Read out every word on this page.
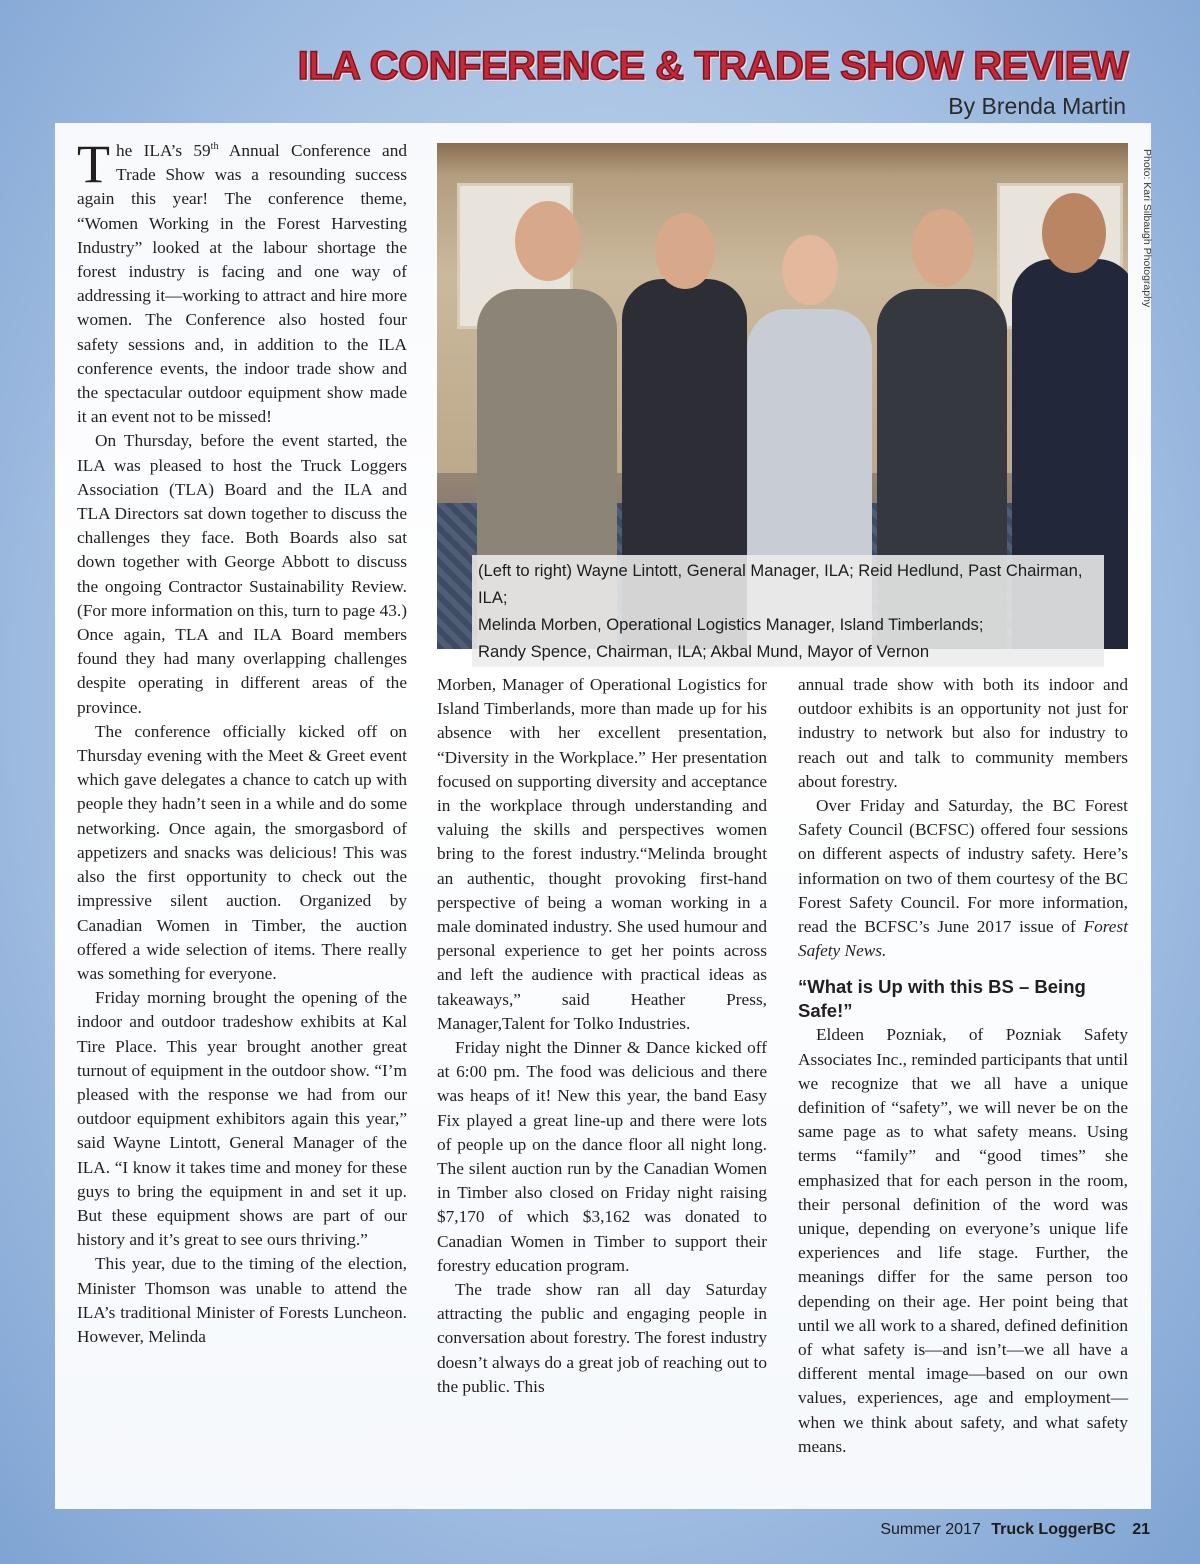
ILA CONFERENCE & TRADE SHOW REVIEW
By Brenda Martin

The ILA’s 59th Annual Conference and Trade Show was a resounding success again this year! The conference theme, “Women Working in the Forest Harvesting Industry” looked at the labour shortage the forest industry is facing and one way of addressing it—working to attract and hire more women. The Conference also hosted four safety sessions and, in addition to the ILA conference events, the indoor trade show and the spectacular outdoor equipment show made it an event not to be missed!

On Thursday, before the event started, the ILA was pleased to host the Truck Loggers Association (TLA) Board and the ILA and TLA Directors sat down together to discuss the challenges they face. Both Boards also sat down together with George Abbott to discuss the ongoing Contractor Sustainability Review. (For more information on this, turn to page 43.) Once again, TLA and ILA Board members found they had many overlapping challenges despite operating in different areas of the province.

The conference officially kicked off on Thursday evening with the Meet & Greet event which gave delegates a chance to catch up with people they hadn’t seen in a while and do some networking. Once again, the smorgasbord of appetizers and snacks was delicious! This was also the first opportunity to check out the impressive silent auction. Organized by Canadian Women in Timber, the auction offered a wide selection of items. There really was something for everyone.

Friday morning brought the opening of the indoor and outdoor tradeshow exhibits at Kal Tire Place. This year brought another great turnout of equipment in the outdoor show. “I’m pleased with the response we had from our outdoor equipment exhibitors again this year,” said Wayne Lintott, General Manager of the ILA. “I know it takes time and money for these guys to bring the equipment in and set it up. But these equipment shows are part of our history and it’s great to see ours thriving.”

This year, due to the timing of the election, Minister Thomson was unable to attend the ILA’s traditional Minister of Forests Luncheon. However, Melinda

(Left to right) Wayne Lintott, General Manager, ILA; Reid Hedlund, Past Chairman, ILA;
Melinda Morben, Operational Logistics Manager, Island Timberlands;
Randy Spence, Chairman, ILA; Akbal Mund, Mayor of Vernon
Photo: Kari Silbaugh Photography

Morben, Manager of Operational Logistics for Island Timberlands, more than made up for his absence with her excellent presentation, “Diversity in the Workplace.” Her presentation focused on supporting diversity and acceptance in the workplace through understanding and valuing the skills and perspectives women bring to the forest industry.“Melinda brought an authentic, thought provoking first-hand perspective of being a woman working in a male dominated industry. She used humour and personal experience to get her points across and left the audience with practical ideas as takeaways,” said Heather Press, Manager,Talent for Tolko Industries.

Friday night the Dinner & Dance kicked off at 6:00 pm. The food was delicious and there was heaps of it! New this year, the band Easy Fix played a great line-up and there were lots of people up on the dance floor all night long. The silent auction run by the Canadian Women in Timber also closed on Friday night raising $7,170 of which $3,162 was donated to Canadian Women in Timber to support their forestry education program.

The trade show ran all day Saturday attracting the public and engaging people in conversation about forestry. The forest industry doesn’t always do a great job of reaching out to the public. This

annual trade show with both its indoor and outdoor exhibits is an opportunity not just for industry to network but also for industry to reach out and talk to community members about forestry.

Over Friday and Saturday, the BC Forest Safety Council (BCFSC) offered four sessions on different aspects of industry safety. Here’s information on two of them courtesy of the BC Forest Safety Council. For more information, read the BCFSC’s June 2017 issue of Forest Safety News.

“What is Up with this BS – Being Safe!”

Eldeen Pozniak, of Pozniak Safety Associates Inc., reminded participants that until we recognize that we all have a unique definition of “safety”, we will never be on the same page as to what safety means. Using terms “family” and “good times” she emphasized that for each person in the room, their personal definition of the word was unique, depending on everyone’s unique life experiences and life stage. Further, the meanings differ for the same person too depending on their age. Her point being that until we all work to a shared, defined definition of what safety is—and isn’t—we all have a different mental image—based on our own values, experiences, age and employment—when we think about safety, and what safety means.

Summer 2017 Truck LoggerBC 21
